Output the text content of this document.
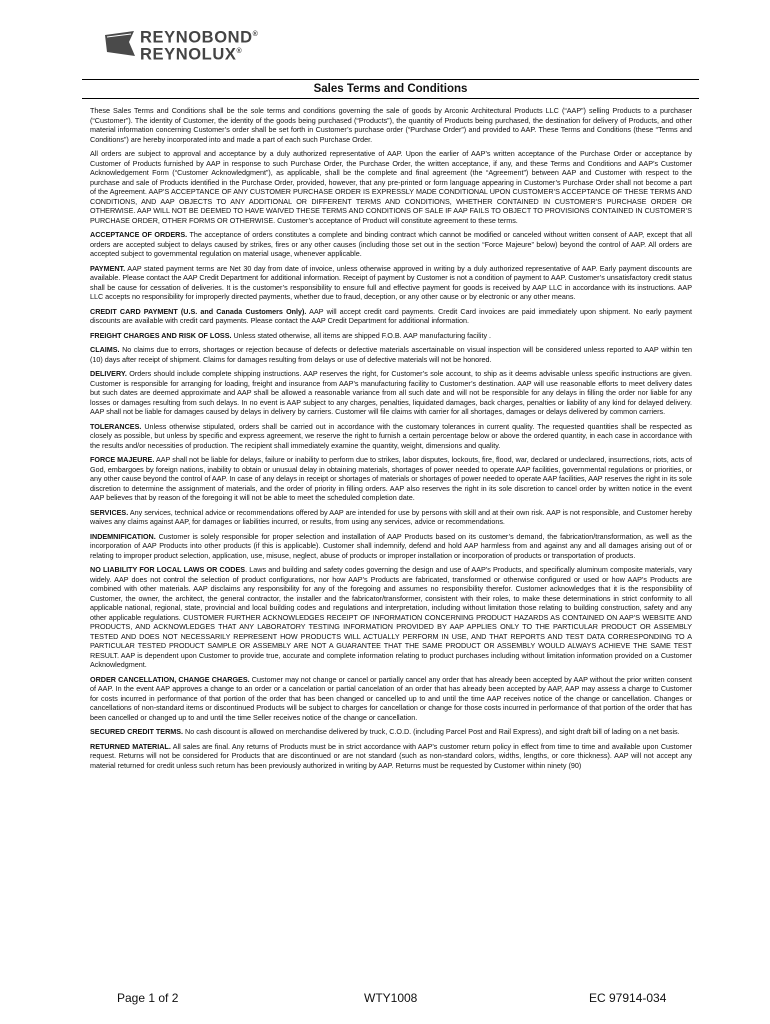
REYNOBOND®
REYNOLUX®
Sales Terms and Conditions

These Sales Terms and Conditions shall be the sole terms and conditions governing the sale of goods by Arconic Architectural Products LLC (“AAP”) selling Products to a purchaser (“Customer”). The identity of Customer, the identity of the goods being purchased (“Products”), the quantity of Products being purchased, the destination for delivery of Products, and other material information concerning Customer’s order shall be set forth in Customer’s purchase order (“Purchase Order”) and provided to AAP. These Terms and Conditions (these “Terms and Conditions”) are hereby incorporated into and made a part of each such Purchase Order.

All orders are subject to approval and acceptance by a duly authorized representative of AAP. Upon the earlier of AAP’s written acceptance of the Purchase Order or acceptance by Customer of Products furnished by AAP in response to such Purchase Order, the Purchase Order, the written acceptance, if any, and these Terms and Conditions and AAP’s Customer Acknowledgement Form (“Customer Acknowledgment”), as applicable, shall be the complete and final agreement (the “Agreement”) between AAP and Customer with respect to the purchase and sale of Products identified in the Purchase Order, provided, however, that any pre-printed or form language appearing in Customer’s Purchase Order shall not become a part of the Agreement. AAP’S ACCEPTANCE OF ANY CUSTOMER PURCHASE ORDER IS EXPRESSLY MADE CONDITIONAL UPON CUSTOMER’S ACCEPTANCE OF THESE TERMS AND CONDITIONS, AND AAP OBJECTS TO ANY ADDITIONAL OR DIFFERENT TERMS AND CONDITIONS, WHETHER CONTAINED IN CUSTOMER’S PURCHASE ORDER OR OTHERWISE. AAP WILL NOT BE DEEMED TO HAVE WAIVED THESE TERMS AND CONDITIONS OF SALE IF AAP FAILS TO OBJECT TO PROVISIONS CONTAINED IN CUSTOMER’S PURCHASE ORDER, OTHER FORMS OR OTHERWISE. Customer’s acceptance of Product will constitute agreement to these terms.

ACCEPTANCE OF ORDERS. The acceptance of orders constitutes a complete and binding contract which cannot be modified or canceled without written consent of AAP, except that all orders are accepted subject to delays caused by strikes, fires or any other causes (including those set out in the section “Force Majeure” below) beyond the control of AAP. All orders are accepted subject to governmental regulation on material usage, whenever applicable.

PAYMENT. AAP stated payment terms are Net 30 day from date of invoice, unless otherwise approved in writing by a duly authorized representative of AAP. Early payment discounts are available. Please contact the AAP Credit Department for additional information. Receipt of payment by Customer is not a condition of payment to AAP. Customer’s unsatisfactory credit status shall be cause for cessation of deliveries. It is the customer’s responsibility to ensure full and effective payment for goods is received by AAP LLC in accordance with its instructions. AAP LLC accepts no responsibility for improperly directed payments, whether due to fraud, deception, or any other cause or by electronic or any other means.

CREDIT CARD PAYMENT (U.S. and Canada Customers Only). AAP will accept credit card payments. Credit Card invoices are paid immediately upon shipment. No early payment discounts are available with credit card payments. Please contact the AAP Credit Department for additional information.

FREIGHT CHARGES AND RISK OF LOSS. Unless stated otherwise, all items are shipped F.O.B. AAP manufacturing facility .

CLAIMS. No claims due to errors, shortages or rejection because of defects or defective materials ascertainable on visual inspection will be considered unless reported to AAP within ten (10) days after receipt of shipment. Claims for damages resulting from delays or use of defective materials will not be honored.

DELIVERY. Orders should include complete shipping instructions. AAP reserves the right, for Customer’s sole account, to ship as it deems advisable unless specific instructions are given. Customer is responsible for arranging for loading, freight and insurance from AAP’s manufacturing facility to Customer’s destination. AAP will use reasonable efforts to meet delivery dates but such dates are deemed approximate and AAP shall be allowed a reasonable variance from all such date and will not be responsible for any delays in filling the order nor liable for any losses or damages resulting from such delays. In no event is AAP subject to any charges, penalties, liquidated damages, back charges, penalties or liability of any kind for delayed delivery. AAP shall not be liable for damages caused by delays in delivery by carriers. Customer will file claims with carrier for all shortages, damages or delays delivered by common carriers.

TOLERANCES. Unless otherwise stipulated, orders shall be carried out in accordance with the customary tolerances in current quality. The requested quantities shall be respected as closely as possible, but unless by specific and express agreement, we reserve the right to furnish a certain percentage below or above the ordered quantity, in each case in accordance with the results and/or necessities of production. The recipient shall immediately examine the quantity, weight, dimensions and quality.

FORCE MAJEURE. AAP shall not be liable for delays, failure or inability to perform due to strikes, labor disputes, lockouts, fire, flood, war, declared or undeclared, insurrections, riots, acts of God, embargoes by foreign nations, inability to obtain or unusual delay in obtaining materials, shortages of power needed to operate AAP facilities, governmental regulations or priorities, or any other cause beyond the control of AAP. In case of any delays in receipt or shortages of materials or shortages of power needed to operate AAP facilities, AAP reserves the right in its sole discretion to determine the assignment of materials, and the order of priority in filling orders. AAP also reserves the right in its sole discretion to cancel order by written notice in the event AAP believes that by reason of the foregoing it will not be able to meet the scheduled completion date.

SERVICES. Any services, technical advice or recommendations offered by AAP are intended for use by persons with skill and at their own risk. AAP is not responsible, and Customer hereby waives any claims against AAP, for damages or liabilities incurred, or results, from using any services, advice or recommendations.

INDEMNIFICATION. Customer is solely responsible for proper selection and installation of AAP Products based on its customer’s demand, the fabrication/transformation, as well as the incorporation of AAP Products into other products (if this is applicable). Customer shall indemnify, defend and hold AAP harmless from and against any and all damages arising out of or relating to improper product selection, application, use, misuse, neglect, abuse of products or improper installation or incorporation of products or transportation of products.

NO LIABILITY FOR LOCAL LAWS OR CODES. Laws and building and safety codes governing the design and use of AAP’s Products, and specifically aluminum composite materials, vary widely. AAP does not control the selection of product configurations, nor how AAP’s Products are fabricated, transformed or otherwise configured or used or how AAP’s Products are combined with other materials. AAP disclaims any responsibility for any of the foregoing and assumes no responsibility therefor. Customer acknowledges that it is the responsibility of Customer, the owner, the architect, the general contractor, the installer and the fabricator/transformer, consistent with their roles, to make these determinations in strict conformity to all applicable national, regional, state, provincial and local building codes and regulations and interpretation, including without limitation those relating to building construction, safety and any other applicable regulations. CUSTOMER FURTHER ACKNOWLEDGES RECEIPT OF INFORMATION CONCERNING PRODUCT HAZARDS AS CONTAINED ON AAP’S WEBSITE AND PRODUCTS, AND ACKNOWLEDGES THAT ANY LABORATORY TESTING INFORMATION PROVIDED BY AAP APPLIES ONLY TO THE PARTICULAR PRODUCT OR ASSEMBLY TESTED AND DOES NOT NECESSARILY REPRESENT HOW PRODUCTS WILL ACTUALLY PERFORM IN USE, AND THAT REPORTS AND TEST DATA CORRESPONDING TO A PARTICULAR TESTED PRODUCT SAMPLE OR ASSEMBLY ARE NOT A GUARANTEE THAT THE SAME PRODUCT OR ASSEMBLY WOULD ALWAYS ACHIEVE THE SAME TEST RESULT. AAP is dependent upon Customer to provide true, accurate and complete information relating to product purchases including without limitation information provided on a Customer Acknowledgment.

ORDER CANCELLATION, CHANGE CHARGES. Customer may not change or cancel or partially cancel any order that has already been accepted by AAP without the prior written consent of AAP. In the event AAP approves a change to an order or a cancelation or partial cancelation of an order that has already been accepted by AAP, AAP may assess a charge to Customer for costs incurred in performance of that portion of the order that has been changed or cancelled up to and until the time AAP receives notice of the change or cancellation. Changes or cancellations of non-standard items or discontinued Products will be subject to charges for cancellation or change for those costs incurred in performance of that portion of the order that has been cancelled or changed up to and until the time Seller receives notice of the change or cancellation.

SECURED CREDIT TERMS. No cash discount is allowed on merchandise delivered by truck, C.O.D. (including Parcel Post and Rail Express), and sight draft bill of lading on a net basis.

RETURNED MATERIAL. All sales are final. Any returns of Products must be in strict accordance with AAP’s customer return policy in effect from time to time and available upon Customer request. Returns will not be considered for Products that are discontinued or are not standard (such as non-standard colors, widths, lengths, or core thickness). AAP will not accept any material returned for credit unless such return has been previously authorized in writing by AAP. Returns must be requested by Customer within ninety (90)

Page 1 of 2	WTY1008	EC 97914-034
